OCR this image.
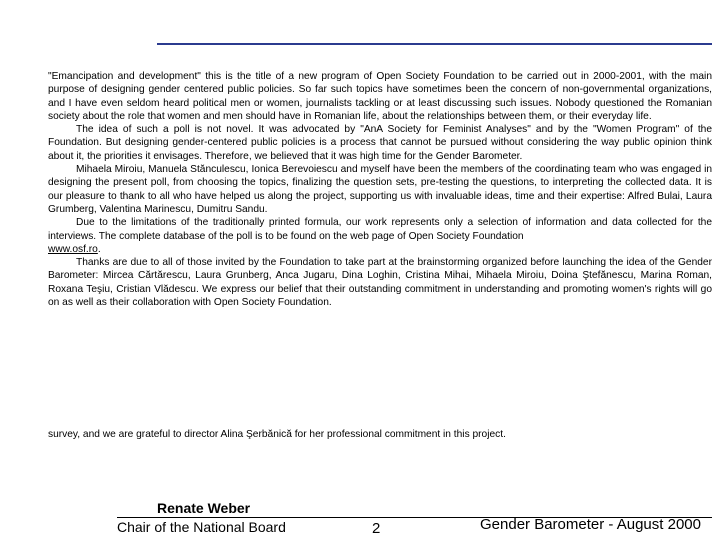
"Emancipation and development" this is the title of a new program of Open Society Foundation to be carried out in 2000-2001, with the main purpose of designing gender centered public policies. So far such topics have sometimes been the concern of non-governmental organizations, and I have even seldom heard political men or women, journalists tackling or at least discussing such issues. Nobody questioned the Romanian society about the role that women and men should have in Romanian life, about the relationships between them, or their everyday life.

The idea of such a poll is not novel. It was advocated by "AnA Society for Feminist Analyses" and by the "Women Program" of the Foundation. But designing gender-centered public policies is a process that cannot be pursued without considering the way public opinion think about it, the priorities it envisages. Therefore, we believed that it was high time for the Gender Barometer.

Mihaela Miroiu, Manuela Stănculescu, Ionica Berevoiescu and myself have been the members of the coordinating team who was engaged in designing the present poll, from choosing the topics, finalizing the question sets, pre-testing the questions, to interpreting the collected data. It is our pleasure to thank to all who have helped us along the project, supporting us with invaluable ideas, time and their expertise: Alfred Bulai, Laura Grumberg, Valentina Marinescu, Dumitru Sandu.

Due to the limitations of the traditionally printed formula, our work represents only a selection of information and data collected for the interviews. The complete database of the poll is to be found on the web page of Open Society Foundation
www.osf.ro.

Thanks are due to all of those invited by the Foundation to take part at the brainstorming organized before launching the idea of the Gender Barometer: Mircea Cărtărescu, Laura Grunberg, Anca Jugaru, Dina Loghin, Cristina Mihai, Mihaela Miroiu, Doina Ştefănescu, Marina Roman, Roxana Teşiu, Cristian Vlădescu. We express our belief that their outstanding commitment in understanding and promoting women's rights will go on as well as their collaboration with Open Society Foundation.

survey, and we are grateful to director Alina Şerbănică for her professional commitment in this project.
Renate Weber
Chair of the National Board	2	Gender Barometer - August 2000
